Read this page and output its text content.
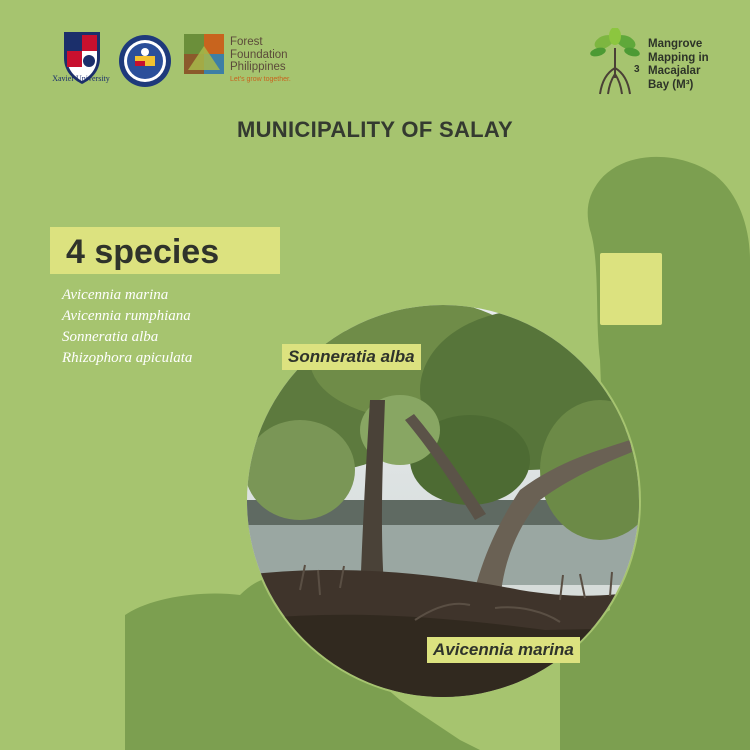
Xavier University
Forest
Foundation
Philippines
Let's grow together.
3
Mangrove
Mapping in
Macajalar
Bay (M³)
MUNICIPALITY OF SALAY
4 species
Avicennia marina
Avicennia rumphiana
Sonneratia alba
Rhizophora apiculata	Sonneratia alba
Avicennia marina
